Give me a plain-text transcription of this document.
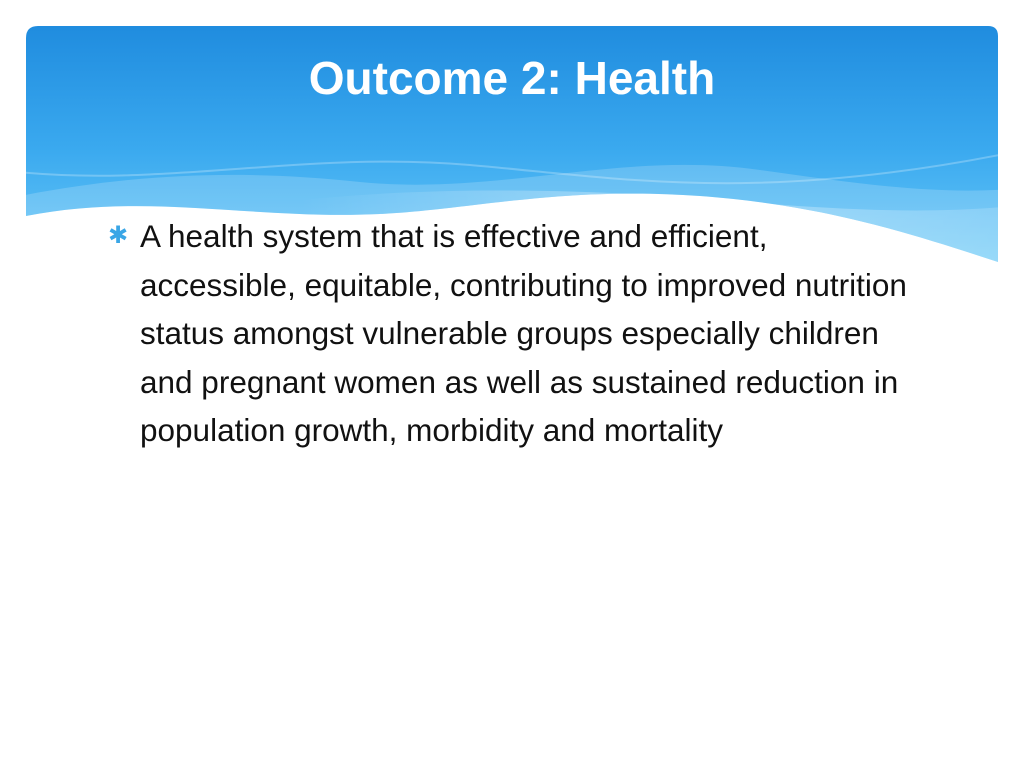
Outcome 2: Health
✱ A health system that is effective and efficient, accessible, equitable, contributing to improved nutrition status amongst vulnerable groups especially children and pregnant women as well as sustained reduction in population growth, morbidity and mortality
